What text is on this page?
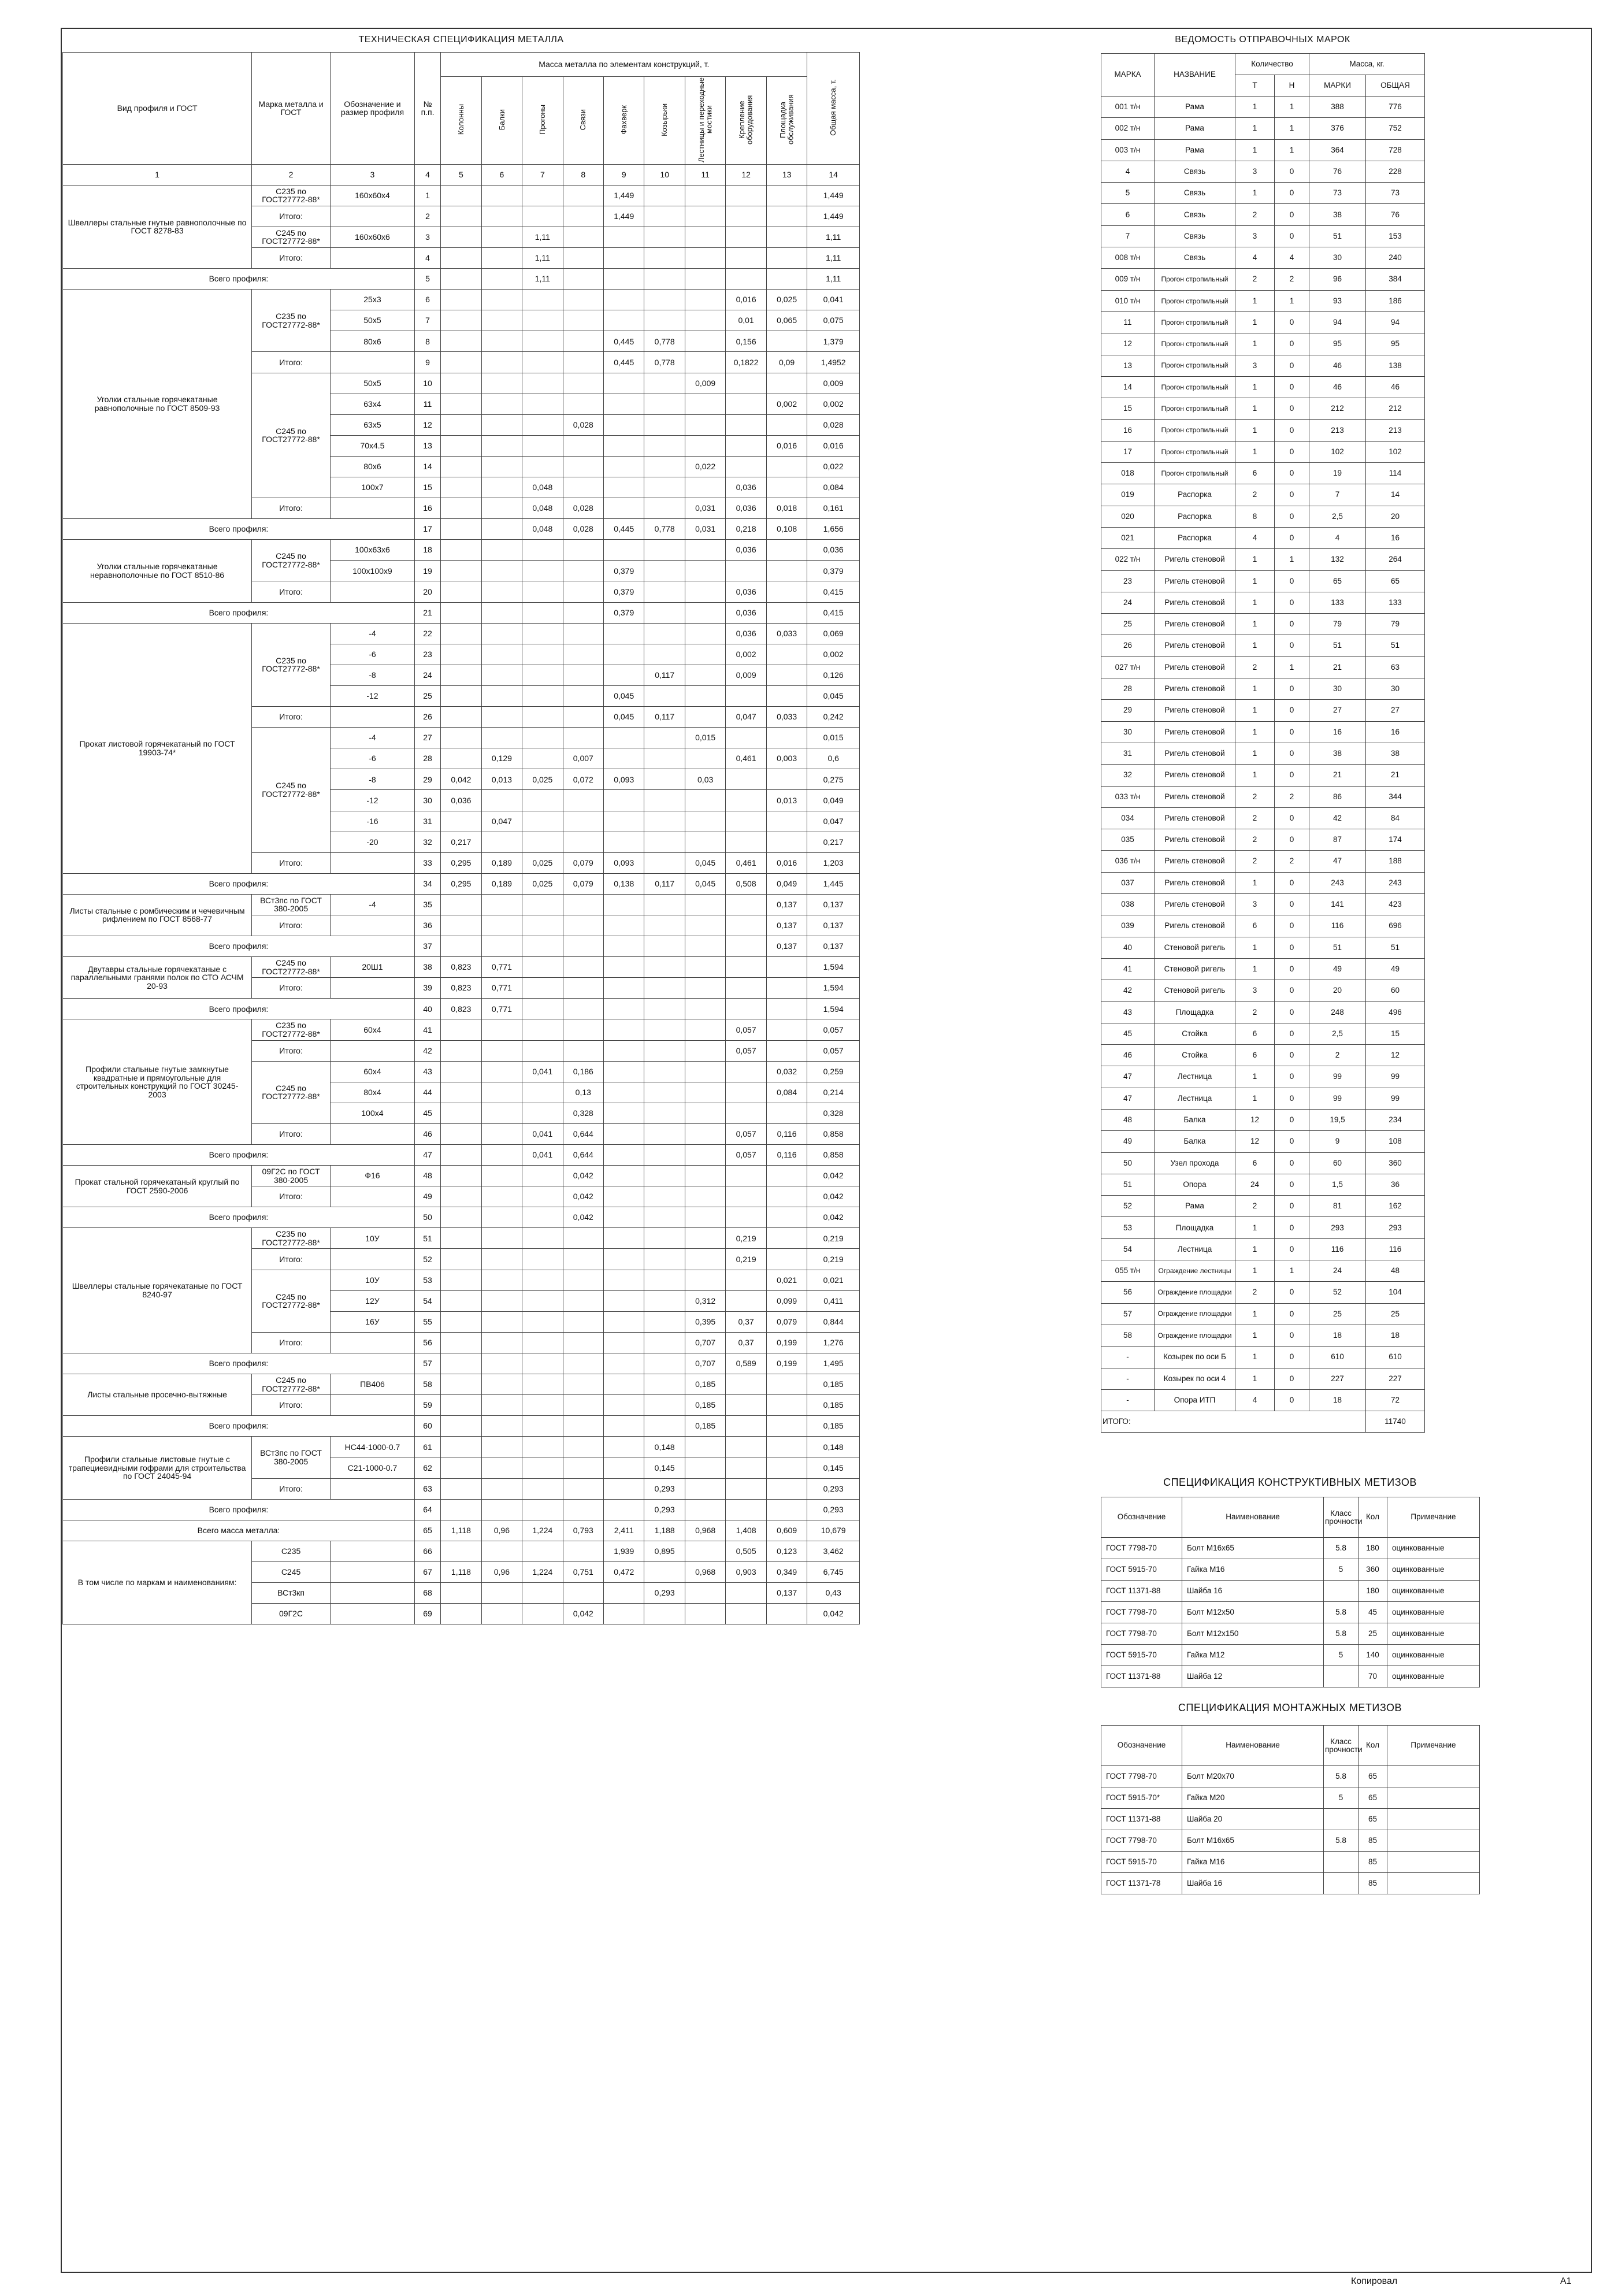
ТЕХНИЧЕСКАЯ СПЕЦИФИКАЦИЯ МЕТАЛЛА
Вид профиля и ГОСТ	Марка металла и ГОСТ	Обозначение и размер профиля	№ п.п.	Масса металла по элементам конструкций, т.									Общая масса, т.
				Колонны	Балки	Прогоны	Связи	Фахверк	Козырьки	Лестницы и переходные мостики	Крепление оборудования	Площадка обслуживания	
1	2	3	4	5	6	7	8	9	10	11	12	13	14
Швеллеры стальные гнутые равнополочные по ГОСТ 8278-83	С235 по ГОСТ27772-88*	160х60х4	1					1,449					1,449
	Итого:		2					1,449					1,449
	С245 по ГОСТ27772-88*	160х60х6	3			1,11							1,11
	Итого:		4			1,11							1,11
Всего профиля:			5			1,11							1,11
Уголки стальные горячекатаные равнополочные по ГОСТ 8509-93	С235 по ГОСТ27772-88*	25х3	6								0,016	0,025	0,041
		50х5	7								0,01	0,065	0,075
		80х6	8					0,445	0,778		0,156		1,379
	Итого:		9					0,445	0,778		0,1822	0,09	1,4952
	С245 по ГОСТ27772-88*	50х5	10							0,009			0,009
		63х4	11									0,002	0,002
		63х5	12				0,028						0,028
		70х4.5	13									0,016	0,016
		80х6	14							0,022			0,022
		100х7	15			0,048					0,036		0,084
	Итого:		16			0,048	0,028			0,031	0,036	0,018	0,161
Всего профиля:			17			0,048	0,028	0,445	0,778	0,031	0,218	0,108	1,656
Уголки стальные горячекатаные неравнополочные по ГОСТ 8510-86	С245 по ГОСТ27772-88*	100х63х6	18								0,036		0,036
		100х100х9	19					0,379					0,379
	Итого:		20					0,379			0,036		0,415
Всего профиля:			21					0,379			0,036		0,415
Прокат листовой горячекатаный по ГОСТ 19903-74*	С235 по ГОСТ27772-88*	-4	22								0,036	0,033	0,069
		-6	23								0,002		0,002
		-8	24						0,117		0,009		0,126
		-12	25					0,045					0,045
	Итого:		26					0,045	0,117		0,047	0,033	0,242
	С245 по ГОСТ27772-88*	-4	27							0,015			0,015
		-6	28		0,129		0,007				0,461	0,003	0,6
		-8	29	0,042	0,013	0,025	0,072	0,093		0,03			0,275
		-12	30	0,036								0,013	0,049
		-16	31		0,047								0,047
		-20	32	0,217									0,217
	Итого:		33	0,295	0,189	0,025	0,079	0,093		0,045	0,461	0,016	1,203
Всего профиля:			34	0,295	0,189	0,025	0,079	0,138	0,117	0,045	0,508	0,049	1,445
Листы стальные с ромбическим и чечевичным рифлением по ГОСТ 8568-77	ВСт3пс по ГОСТ 380-2005	-4	35									0,137	0,137
	Итого:		36									0,137	0,137
Всего профиля:			37									0,137	0,137
Двутавры стальные горячекатаные с параллельными гранями полок по СТО АСЧМ 20-93	С245 по ГОСТ27772-88*	20Ш1	38	0,823	0,771								1,594
	Итого:		39	0,823	0,771								1,594
Всего профиля:			40	0,823	0,771								1,594
Профили стальные гнутые замкнутые квадратные и прямоугольные для строительных конструкций по ГОСТ 30245-2003	С235 по ГОСТ27772-88*	60х4	41								0,057		0,057
	Итого:		42								0,057		0,057
	С245 по ГОСТ27772-88*	60х4	43			0,041	0,186					0,032	0,259
		80х4	44				0,13					0,084	0,214
		100х4	45				0,328						0,328
	Итого:		46			0,041	0,644				0,057	0,116	0,858
Всего профиля:			47			0,041	0,644				0,057	0,116	0,858
Прокат стальной горячекатаный круглый по ГОСТ 2590-2006	09Г2С по ГОСТ 380-2005	Ф16	48				0,042						0,042
	Итого:		49				0,042						0,042
Всего профиля:			50				0,042						0,042
Швеллеры стальные горячекатаные по ГОСТ 8240-97	С235 по ГОСТ27772-88*	10У	51								0,219		0,219
	Итого:		52								0,219		0,219
	С245 по ГОСТ27772-88*	10У	53									0,021	0,021
		12У	54							0,312		0,099	0,411
		16У	55							0,395	0,37	0,079	0,844
	Итого:		56							0,707	0,37	0,199	1,276
Всего профиля:			57							0,707	0,589	0,199	1,495
Листы стальные просечно-вытяжные	С245 по ГОСТ27772-88*	ПВ406	58							0,185			0,185
	Итого:		59							0,185			0,185
Всего профиля:			60							0,185			0,185
Профили стальные листовые гнутые с трапециевидными гофрами для строительства по ГОСТ 24045-94	ВСт3пс по ГОСТ 380-2005	НС44-1000-0.7	61						0,148				0,148
		С21-1000-0.7	62						0,145				0,145
	Итого:		63						0,293				0,293
Всего профиля:			64						0,293				0,293
Всего масса металла:			65	1,118	0,96	1,224	0,793	2,411	1,188	0,968	1,408	0,609	10,679
В том числе по маркам и наименованиям:	С235		66					1,939	0,895		0,505	0,123	3,462
	С245		67	1,118	0,96	1,224	0,751	0,472		0,968	0,903	0,349	6,745
	ВСт3кп		68						0,293			0,137	0,43
	09Г2С		69				0,042						0,042
ВЕДОМОСТЬ ОТПРАВОЧНЫХ МАРОК
МАРКА	НАЗВАНИЕ	Количество		Масса, кг.	
		Т	Н	МАРКИ	ОБЩАЯ
001 т/н	Рама	1	1	388	776
002 т/н	Рама	1	1	376	752
003 т/н	Рама	1	1	364	728
4	Связь	3	0	76	228
5	Связь	1	0	73	73
6	Связь	2	0	38	76
7	Связь	3	0	51	153
008 т/н	Связь	4	4	30	240
009 т/н	Прогон стропильный	2	2	96	384
010 т/н	Прогон стропильный	1	1	93	186
11	Прогон стропильный	1	0	94	94
12	Прогон стропильный	1	0	95	95
13	Прогон стропильный	3	0	46	138
14	Прогон стропильный	1	0	46	46
15	Прогон стропильный	1	0	212	212
16	Прогон стропильный	1	0	213	213
17	Прогон стропильный	1	0	102	102
018	Прогон стропильный	6	0	19	114
019	Распорка	2	0	7	14
020	Распорка	8	0	2,5	20
021	Распорка	4	0	4	16
022 т/н	Ригель стеновой	1	1	132	264
23	Ригель стеновой	1	0	65	65
24	Ригель стеновой	1	0	133	133
25	Ригель стеновой	1	0	79	79
26	Ригель стеновой	1	0	51	51
027 т/н	Ригель стеновой	2	1	21	63
28	Ригель стеновой	1	0	30	30
29	Ригель стеновой	1	0	27	27
30	Ригель стеновой	1	0	16	16
31	Ригель стеновой	1	0	38	38
32	Ригель стеновой	1	0	21	21
033 т/н	Ригель стеновой	2	2	86	344
034	Ригель стеновой	2	0	42	84
035	Ригель стеновой	2	0	87	174
036 т/н	Ригель стеновой	2	2	47	188
037	Ригель стеновой	1	0	243	243
038	Ригель стеновой	3	0	141	423
039	Ригель стеновой	6	0	116	696
40	Стеновой ригель	1	0	51	51
41	Стеновой ригель	1	0	49	49
42	Стеновой ригель	3	0	20	60
43	Площадка	2	0	248	496
45	Стойка	6	0	2,5	15
46	Стойка	6	0	2	12
47	Лестница	1	0	99	99
47	Лестница	1	0	99	99
48	Балка	12	0	19,5	234
49	Балка	12	0	9	108
50	Узел прохода	6	0	60	360
51	Опора	24	0	1,5	36
52	Рама	2	0	81	162
53	Площадка	1	0	293	293
54	Лестница	1	0	116	116
055 т/н	Ограждение лестницы	1	1	24	48
56	Ограждение площадки	2	0	52	104
57	Ограждение площадки	1	0	25	25
58	Ограждение площадки	1	0	18	18
-	Козырек по оси Б	1	0	610	610
-	Козырек по оси 4	1	0	227	227
-	Опора ИТП	4	0	18	72
ИТОГО:					11740
СПЕЦИФИКАЦИЯ КОНСТРУКТИВНЫХ МЕТИЗОВ
Обозначение	Наименование	Класс прочности	Кол	Примечание
ГОСТ 7798-70	Болт М16х65	5.8	180	оцинкованные
ГОСТ 5915-70	Гайка М16	5	360	оцинкованные
ГОСТ 11371-88	Шайба 16		180	оцинкованные
ГОСТ 7798-70	Болт М12х50	5.8	45	оцинкованные
ГОСТ 7798-70	Болт М12х150	5.8	25	оцинкованные
ГОСТ 5915-70	Гайка М12	5	140	оцинкованные
ГОСТ 11371-88	Шайба 12		70	оцинкованные
СПЕЦИФИКАЦИЯ МОНТАЖНЫХ МЕТИЗОВ
Обозначение	Наименование	Класс прочности	Кол	Примечание
ГОСТ 7798-70	Болт М20х70	5.8	65	
ГОСТ 5915-70*	Гайка М20	5	65	
ГОСТ 11371-88	Шайба 20		65	
ГОСТ 7798-70	Болт М16х65	5.8	85	
ГОСТ 5915-70	Гайка М16		85	
ГОСТ 11371-78	Шайба 16		85	
Копировал	А1
